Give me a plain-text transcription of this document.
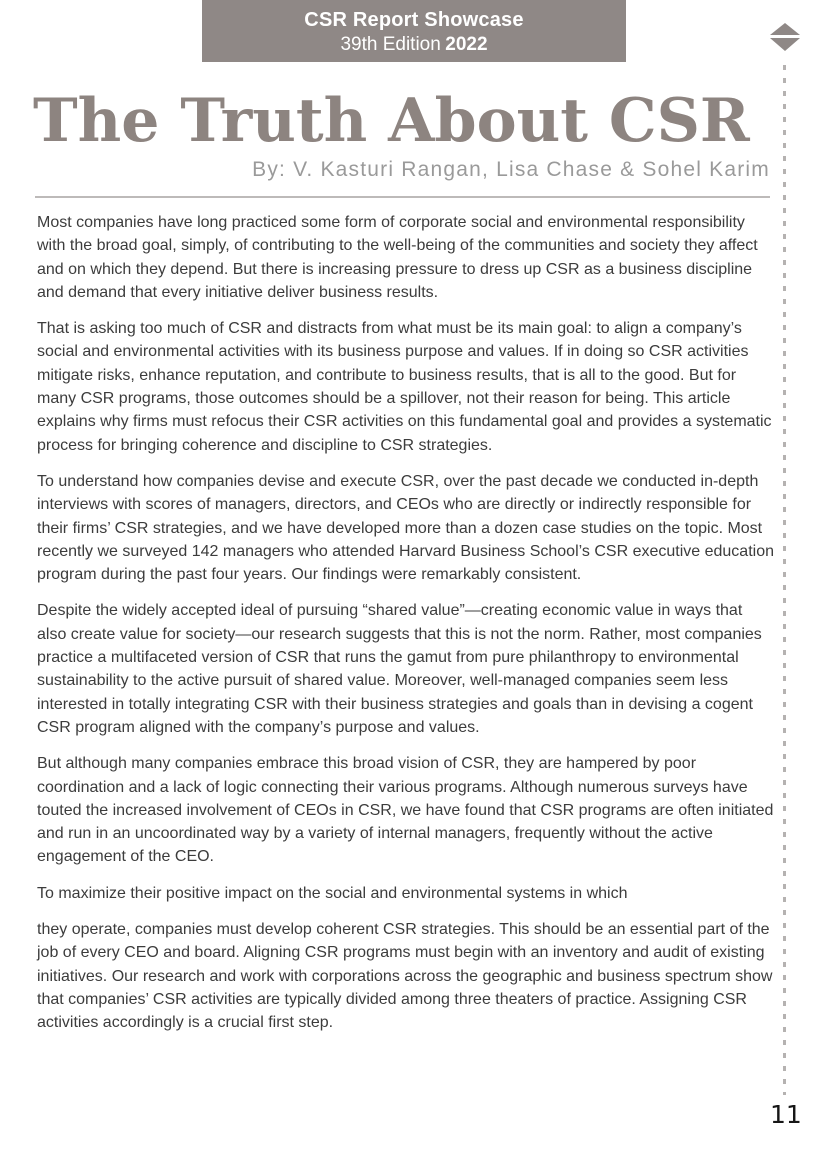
CSR Report Showcase
39th Edition 2022
The Truth About CSR
By: V. Kasturi Rangan, Lisa Chase & Sohel Karim

Most companies have long practiced some form of corporate social and environmental responsibility with the broad goal, simply, of contributing to the well-being of the communities and society they affect and on which they depend. But there is increasing pressure to dress up CSR as a business discipline and demand that every initiative deliver business results.

That is asking too much of CSR and distracts from what must be its main goal: to align a company’s social and environmental activities with its business purpose and values. If in doing so CSR activities mitigate risks, enhance reputation, and contribute to business results, that is all to the good. But for many CSR programs, those outcomes should be a spillover, not their reason for being. This article explains why firms must refocus their CSR activities on this fundamental goal and provides a systematic process for bringing coherence and discipline to CSR strategies.

To understand how companies devise and execute CSR, over the past decade we conducted in-depth interviews with scores of managers, directors, and CEOs who are directly or indirectly responsible for their firms’ CSR strategies, and we have developed more than a dozen case studies on the topic. Most recently we surveyed 142 managers who attended Harvard Business School’s CSR executive education program during the past four years. Our findings were remarkably consistent.

Despite the widely accepted ideal of pursuing “shared value”—creating economic value in ways that also create value for society—our research suggests that this is not the norm. Rather, most companies practice a multifaceted version of CSR that runs the gamut from pure philanthropy to environmental sustainability to the active pursuit of shared value. Moreover, well-managed companies seem less interested in totally integrating CSR with their business strategies and goals than in devising a cogent CSR program aligned with the company’s purpose and values.

But although many companies embrace this broad vision of CSR, they are hampered by poor coordination and a lack of logic connecting their various programs. Although numerous surveys have touted the increased involvement of CEOs in CSR, we have found that CSR programs are often initiated and run in an uncoordinated way by a variety of internal managers, frequently without the active engagement of the CEO.

To maximize their positive impact on the social and environmental systems in which

they operate, companies must develop coherent CSR strategies. This should be an essential part of the job of every CEO and board. Aligning CSR programs must begin with an inventory and audit of existing initiatives. Our research and work with corporations across the geographic and business spectrum show that companies’ CSR activities are typically divided among three theaters of practice. Assigning CSR activities accordingly is a crucial first step.

11
